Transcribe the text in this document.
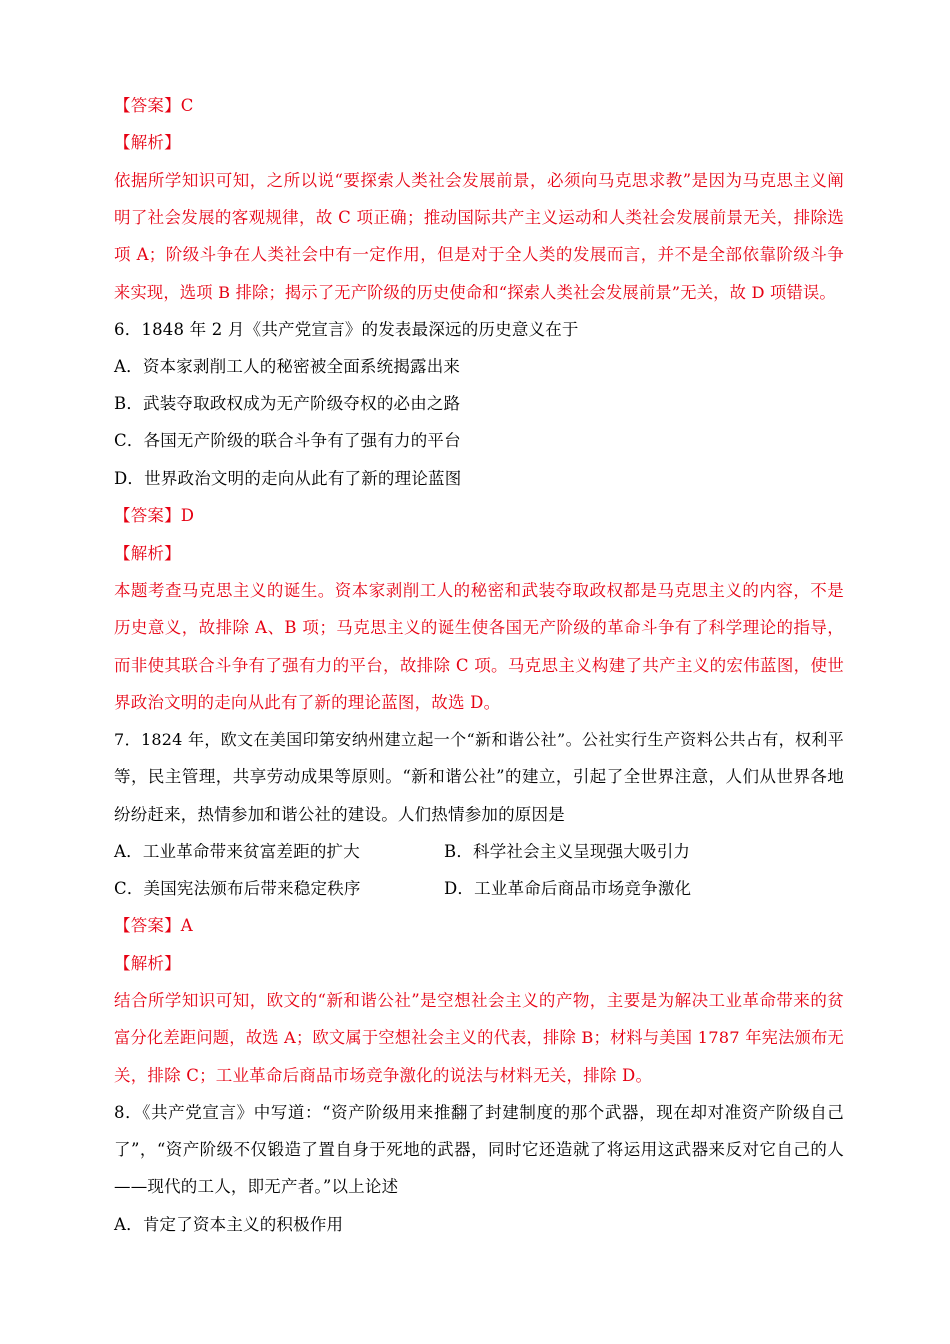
【答案】C
【解析】
依据所学知识可知，之所以说“要探索人类社会发展前景，必须向马克思求教”是因为马克思主义阐
明了社会发展的客观规律，故 C 项正确；推动国际共产主义运动和人类社会发展前景无关，排除选
项 A；阶级斗争在人类社会中有一定作用，但是对于全人类的发展而言，并不是全部依靠阶级斗争
来实现，选项 B 排除；揭示了无产阶级的历史使命和“探索人类社会发展前景”无关，故 D 项错误。
6．1848 年 2 月《共产党宣言》的发表最深远的历史意义在于
A．资本家剥削工人的秘密被全面系统揭露出来
B．武装夺取政权成为无产阶级夺权的必由之路
C．各国无产阶级的联合斗争有了强有力的平台
D．世界政治文明的走向从此有了新的理论蓝图
【答案】D
【解析】
本题考查马克思主义的诞生。资本家剥削工人的秘密和武装夺取政权都是马克思主义的内容，不是
历史意义，故排除 A、B 项；马克思主义的诞生使各国无产阶级的革命斗争有了科学理论的指导，
而非使其联合斗争有了强有力的平台，故排除 C 项。马克思主义构建了共产主义的宏伟蓝图，使世
界政治文明的走向从此有了新的理论蓝图，故选 D。
7．1824 年，欧文在美国印第安纳州建立起一个“新和谐公社”。公社实行生产资料公共占有，权利平
等，民主管理，共享劳动成果等原则。“新和谐公社”的建立，引起了全世界注意，人们从世界各地
纷纷赶来，热情参加和谐公社的建设。人们热情参加的原因是
A．工业革命带来贫富差距的扩大	B．科学社会主义呈现强大吸引力
C．美国宪法颁布后带来稳定秩序	D．工业革命后商品市场竞争激化
【答案】A
【解析】
结合所学知识可知，欧文的“新和谐公社”是空想社会主义的产物，主要是为解决工业革命带来的贫
富分化差距问题，故选 A；欧文属于空想社会主义的代表，排除 B；材料与美国 1787 年宪法颁布无
关，排除 C；工业革命后商品市场竞争激化的说法与材料无关，排除 D。
8．《共产党宣言》中写道：“资产阶级用来推翻了封建制度的那个武器，现在却对准资产阶级自己
了”，“资产阶级不仅锻造了置自身于死地的武器，同时它还造就了将运用这武器来反对它自己的人
——现代的工人，即无产者。”以上论述
A．肯定了资本主义的积极作用
